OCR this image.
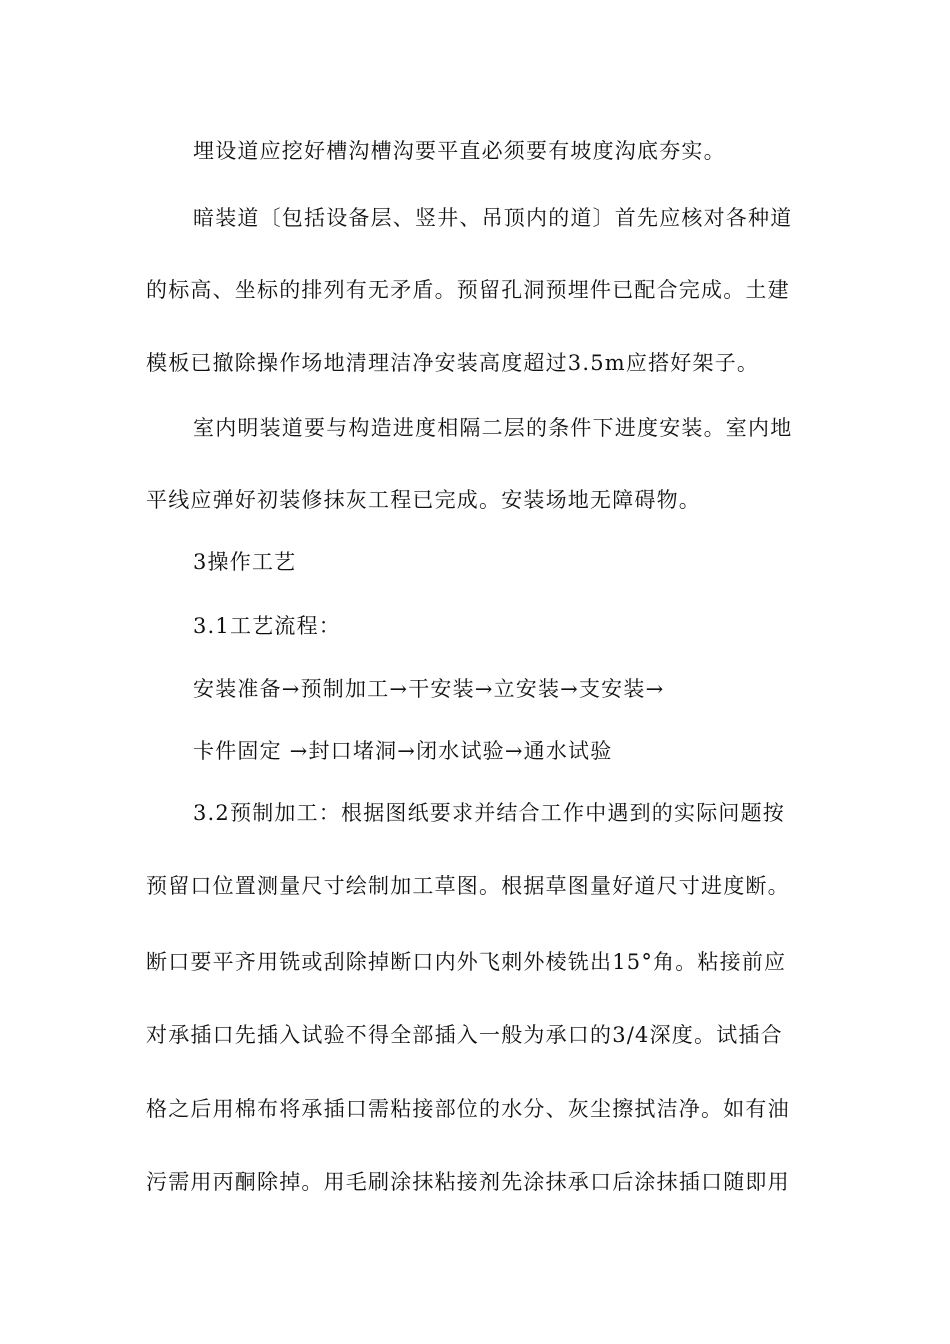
埋设道应挖好槽沟槽沟要平直必须要有坡度沟底夯实。
暗装道〔包括设备层、竖井、吊顶内的道〕首先应核对各种道
的标高、坐标的排列有无矛盾。预留孔洞预埋件已配合完成。土建
模板已撤除操作场地清理洁净安装高度超过3.5m应搭好架子。
室内明装道要与构造进度相隔二层的条件下进度安装。室内地
平线应弹好初装修抹灰工程已完成。安装场地无障碍物。
3操作工艺
3.1工艺流程：
安装准备→预制加工→干安装→立安装→支安装→
卡件固定 →封口堵洞→闭水试验→通水试验
3.2预制加工：根据图纸要求并结合工作中遇到的实际问题按
预留口位置测量尺寸绘制加工草图。根据草图量好道尺寸进度断。
断口要平齐用铣或刮除掉断口内外飞刺外棱铣出15°角。粘接前应
对承插口先插入试验不得全部插入一般为承口的3/4深度。试插合
格之后用棉布将承插口需粘接部位的水分、灰尘擦拭洁净。如有油
污需用丙酮除掉。用毛刷涂抹粘接剂先涂抹承口后涂抹插口随即用
